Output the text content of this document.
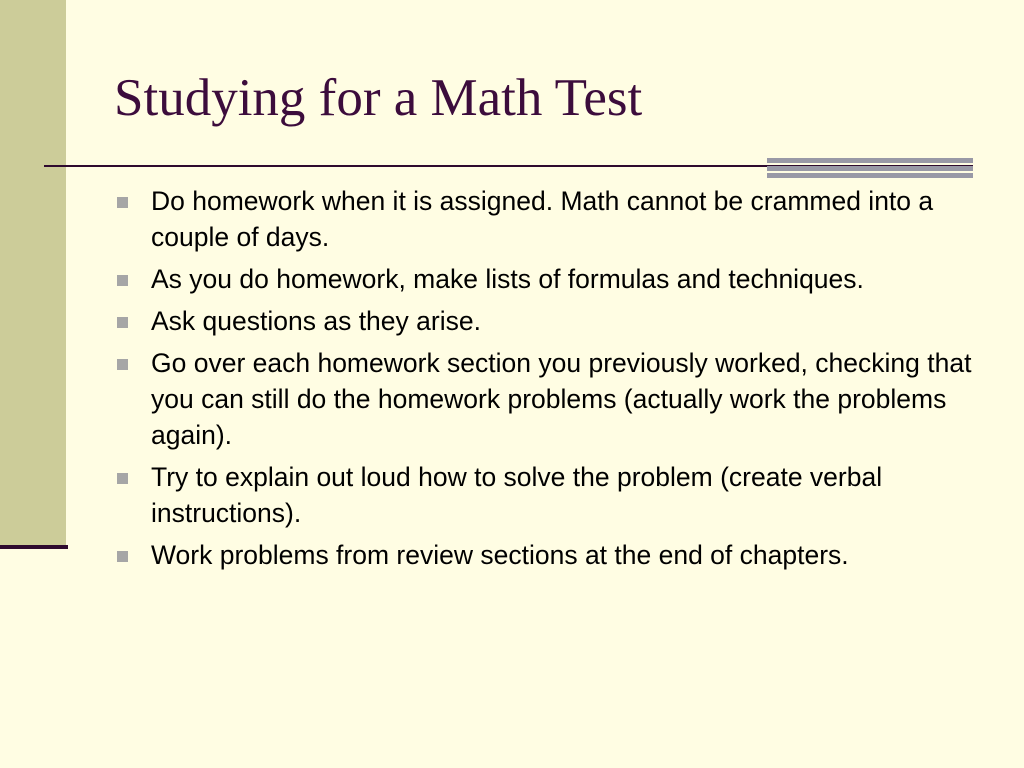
Studying for a Math Test
Do homework when it is assigned. Math cannot be crammed into a couple of days.
As you do homework, make lists of formulas and techniques.
Ask questions as they arise.
Go over each homework section you previously worked, checking that you can still do the homework problems (actually work the problems again).
Try to explain out loud how to solve the problem (create verbal instructions).
Work problems from review sections at the end of chapters.
